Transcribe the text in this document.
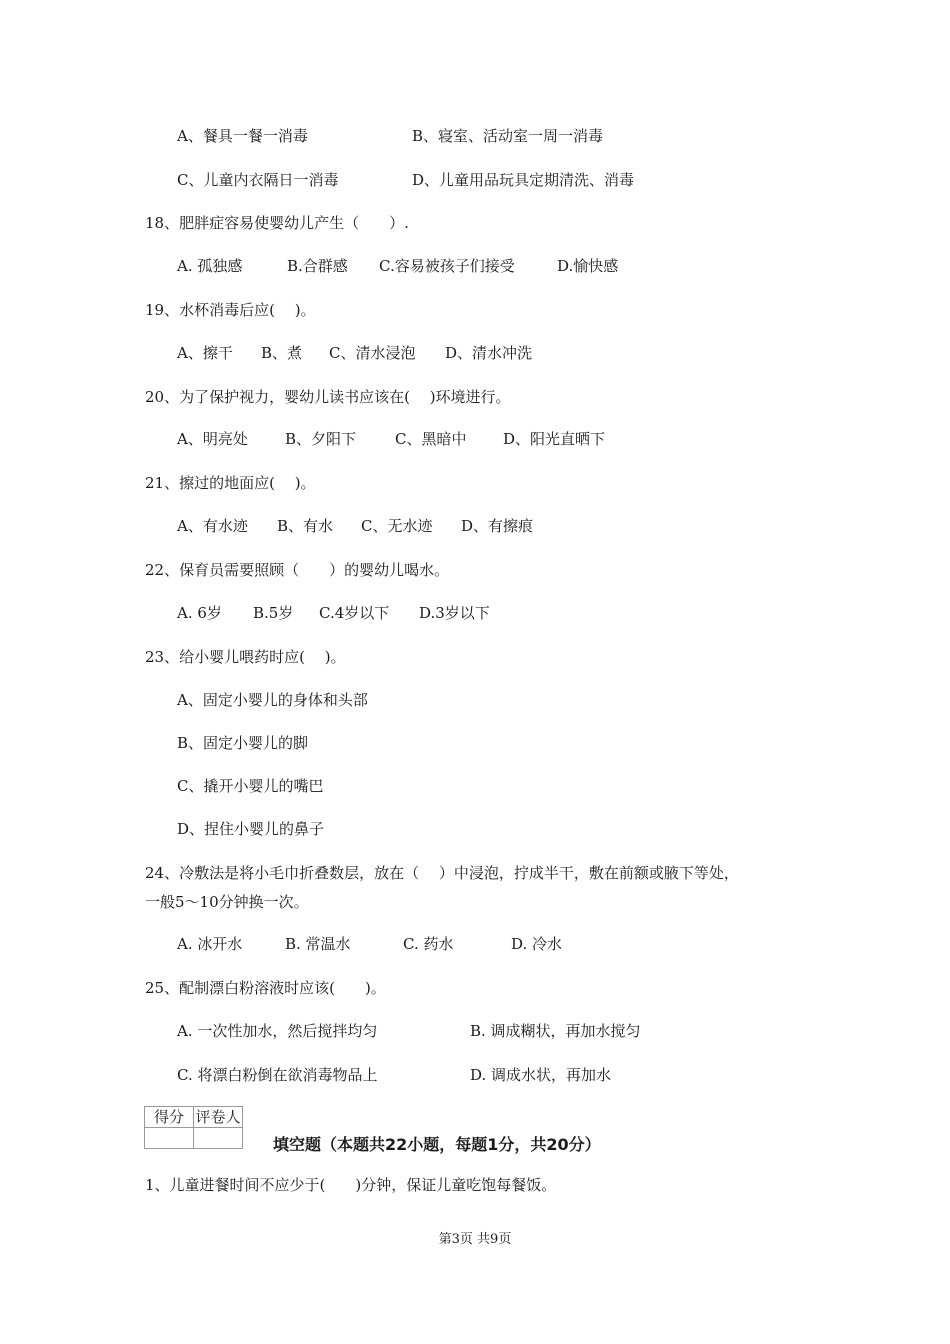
A、餐具一餐一消毒	B、寝室、活动室一周一消毒
C、儿童内衣隔日一消毒	D、儿童用品玩具定期清洗、消毒
18、肥胖症容易使婴幼儿产生（　　）.
A. 孤独感	B.合群感 C.容易被孩子们接受	D.愉快感
19、水杯消毒后应(　 )。
A、擦干 B、煮 C、清水浸泡 D、清水冲洗
20、为了保护视力，婴幼儿读书应该在(　 )环境进行。
A、明亮处 B、夕阳下	C、黑暗中 D、阳光直晒下
21、擦过的地面应(　 )。
A、有水迹 B、有水 C、无水迹 D、有擦痕
22、保育员需要照顾（　　）的婴幼儿喝水。
A. 6岁 B.5岁 C.4岁以下 D.3岁以下
23、给小婴儿喂药时应(　 )。
A、固定小婴儿的身体和头部
B、固定小婴儿的脚
C、撬开小婴儿的嘴巴
D、捏住小婴儿的鼻子
24、冷敷法是将小毛巾折叠数层，放在（　 ）中浸泡，拧成半干，敷在前额或腋下等处，
一般5～10分钟换一次。
A. 冰开水	B. 常温水	C. 药水	D. 冷水
25、配制漂白粉溶液时应该(　　)。
A. 一次性加水，然后搅拌均匀	B. 调成糊状，再加水搅匀
C. 将漂白粉倒在欲消毒物品上	D. 调成水状，再加水
得分	评卷人

填空题（本题共22小题，每题1分，共20分）
1、儿童进餐时间不应少于(　　)分钟，保证儿童吃饱每餐饭。
第3页 共9页
